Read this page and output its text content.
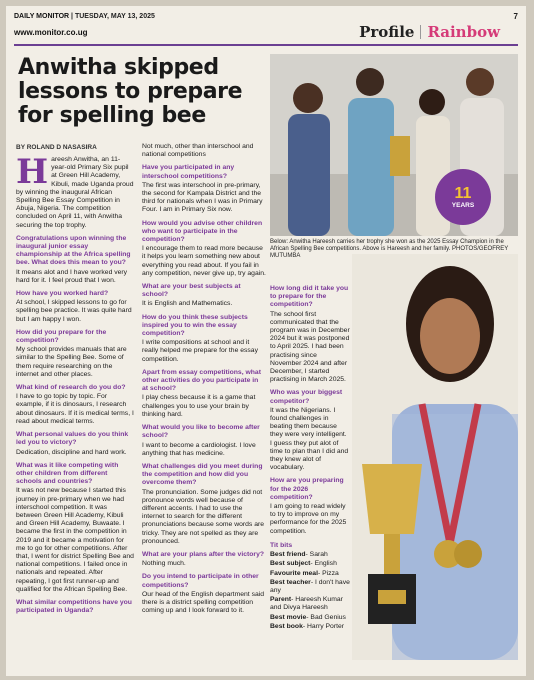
DAILY MONITOR | TUESDAY, MAY 13, 2025	7
www.monitor.co.ug	Profile Rainbow
Anwitha skipped lessons to prepare for spelling bee
BY ROLAND D NASASIRA
11
YEARS
Below: Anwitha Hareesh carries her trophy she won as the 2025 Essay Champion in the African Spelling Bee competitions. Above is Hareesh and her family. PHOTOS/GEOFREY MUTUMBA
Hareesh Anwitha, an 11-year-old Primary Six pupil at Green Hill Academy, Kibuli, made Uganda proud by winning the inaugural African Spelling Bee Essay Competition in Abuja, Nigeria. The competition concluded on April 11, with Anwitha securing the top trophy.
Congratulations upon winning the inaugural junior essay championship at the Africa spelling bee. What does this mean to you?
It means alot and I have worked very hard for it. I feel proud that I won.
How have you worked hard?
At school, I skipped lessons to go for spelling bee practice. It was quite hard but I am happy I won.
How did you prepare for the competition?
My school provides manuals that are similar to the Spelling Bee. Some of them require researching on the internet and other places.
What kind of research do you do?
I have to go topic by topic. For example, if it is dinosaurs, I research about dinosaurs. If it is medical terms, I read about medical terms.
What personal values do you think led you to victory?
Dedication, discipline and hard work.
What was it like competing with other children from different schools and countries?
It was not new because I started this journey in pre-primary when we had interschool competition. It was between Green Hill Academy, Kibuli and Green Hill Academy, Buwaate. I became the first in the competition in 2019 and it became a motivation for me to go for other competitions. After that, I went for district Spelling Bee and national competitions. I failed once in nationals and repeated. After repeating, I got first runner-up and qualified for the African Spelling Bee.
What similar competitions have you participated in Uganda?
Not much, other than interschool and national competitions
Have you participated in any interschool competitions?
The first was interschool in pre-primary, the second for Kampala District and the third for nationals when I was in Primary Four. I am in Primary Six now.
How would you advise other children who want to participate in the competition?
I encourage them to read more because it helps you learn something new about everything you read about. If you fail in any competition, never give up, try again.
What are your best subjects at school?
It is English and Mathematics.
How do you think these subjects inspired you to win the essay competition?
I write compositions at school and it really helped me prepare for the essay competition.
Apart from essay competitions, what other activities do you participate in at school?
I play chess because it is a game that challenges you to use your brain by thinking hard.
What would you like to become after school?
I want to become a cardiologist. I love anything that has medicine.
What challenges did you meet during the competition and how did you overcome them?
The pronunciation. Some judges did not pronounce words well because of different accents. I had to use the internet to search for the different pronunciations because some words are tricky. They are not spelled as they are pronounced.
What are your plans after the victory?
Nothing much.
Do you intend to participate in other competitions?
Our head of the English department said there is a district spelling competition coming up and I look forward to it.
How long did it take you to prepare for the competition?
The school first communicated that the program was in December 2024 but it was postponed to April 2025. I had been practising since November 2024 and after December, I started practising in March 2025.
Who was your biggest competitor?
It was the Nigerians. I found challenges in beating them because they were very intelligent. I guess they put alot of time to plan than I did and they knew alot of vocabulary.
How are you preparing for the 2026 competition?
I am going to read widely to try to improve on my performance for the 2025 competition.
Tit bits
Best friend- Sarah
Best subject- English
Favourite meal- Pizza
Best teacher- I don't have any
Parent- Hareesh Kumar and Divya Hareesh
Best movie- Bad Genius
Best book- Harry Porter
